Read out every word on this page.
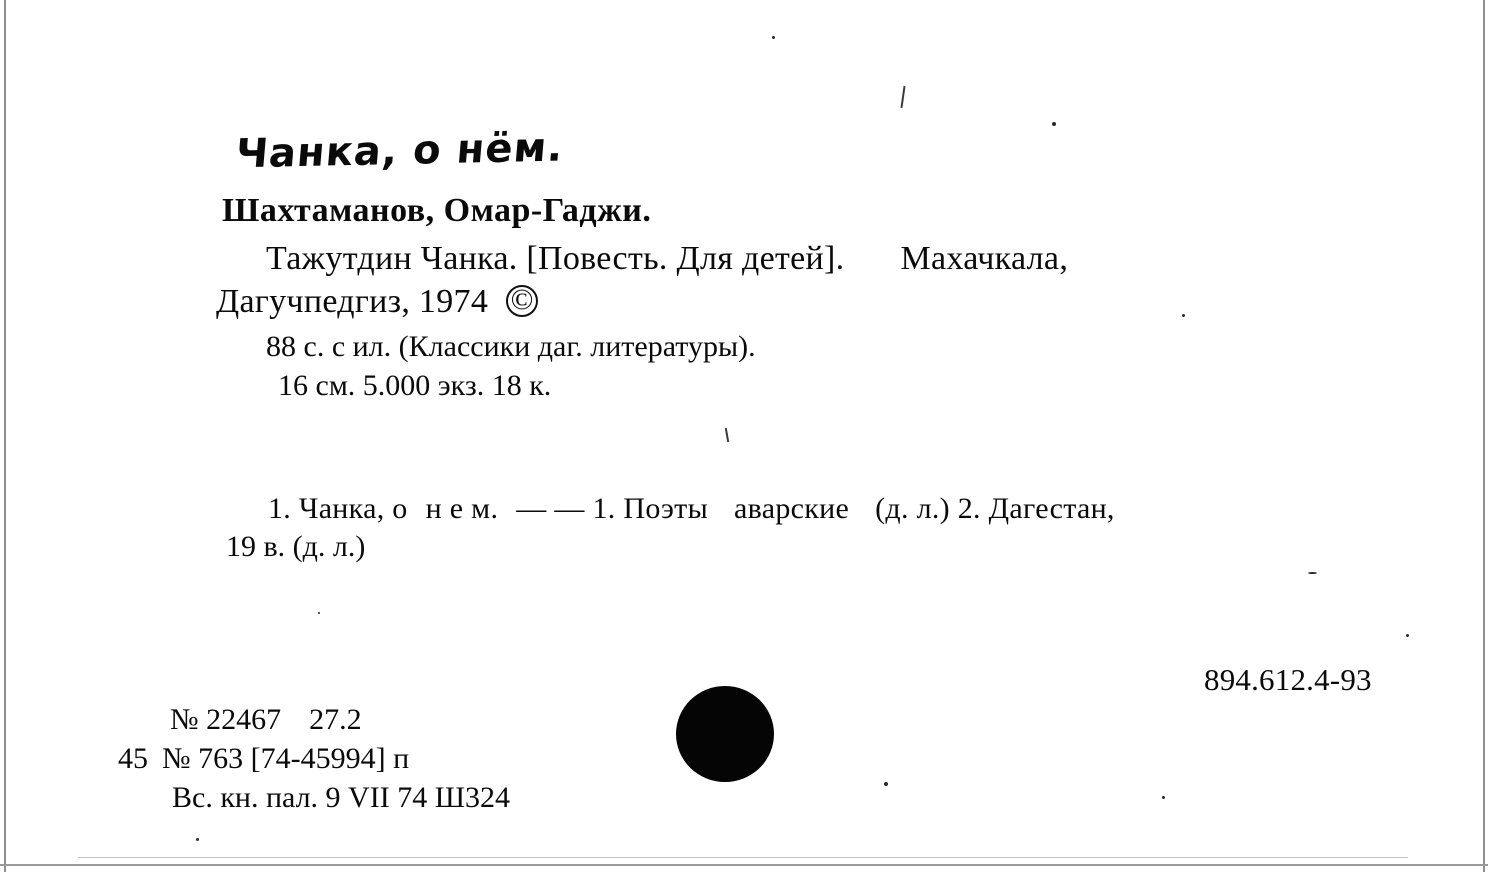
Чанка, о нём.
Шахтаманов, Омар-Гаджи.
Тажутдин Чанка. [Повесть. Для детей]. Махачкала,
Дагучпедгиз, 1974 ©
88 с. с ил. (Классики даг. литературы).
16 см. 5.000 экз. 18 к.
1. Чанка, о н е м. — — 1. Поэты аварские (д. л.) 2. Дагестан,
19 в. (д. л.)
894.612.4-93
№ 22467 27.2
45 № 763 [74-45994] п
Вс. кн. пал. 9 VII 74 Ш324
